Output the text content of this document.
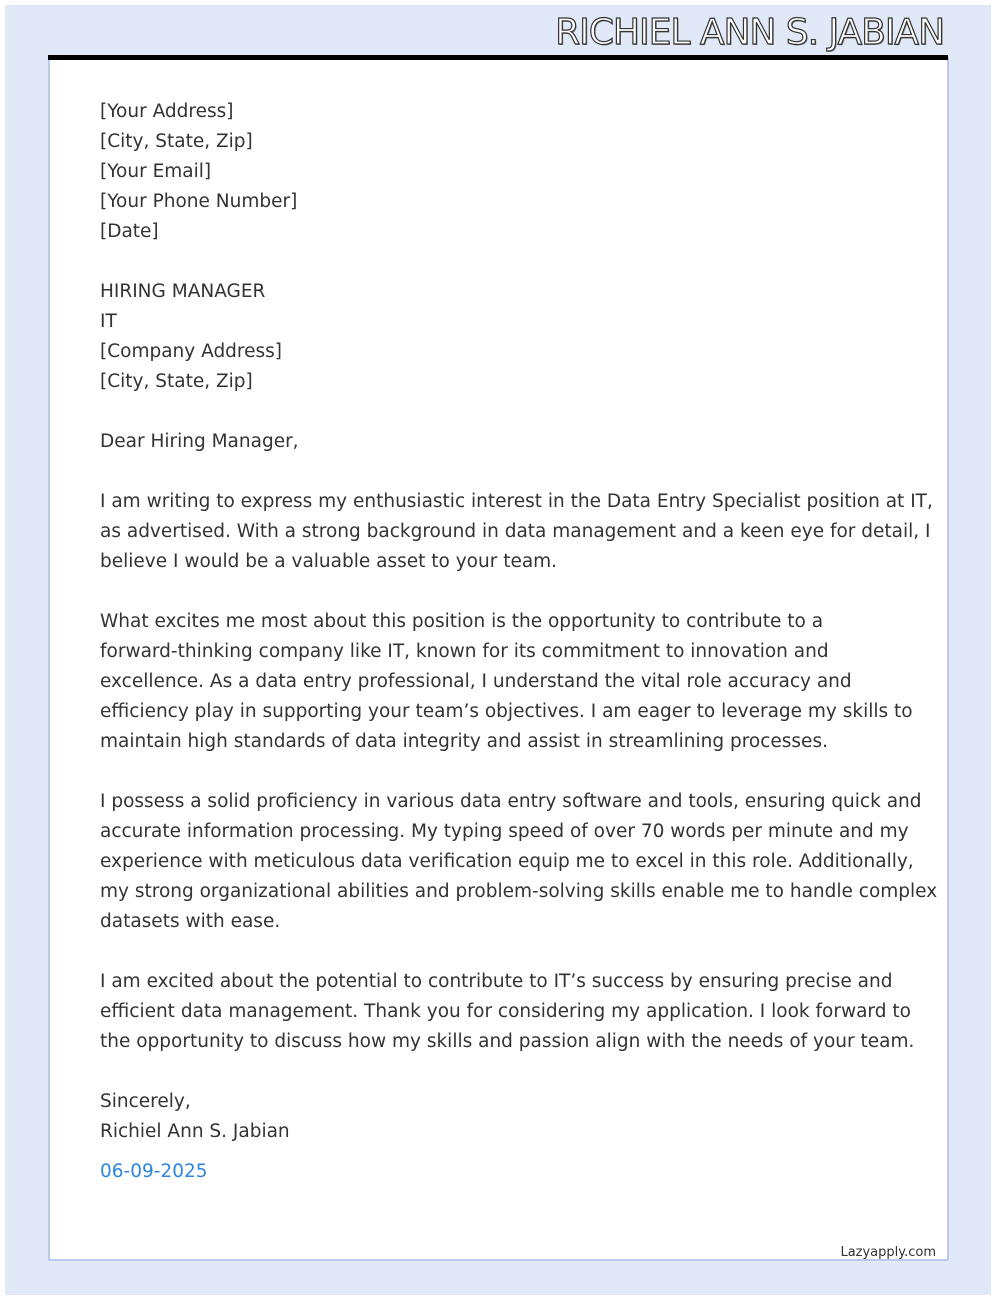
RICHIEL ANN S. JABIAN
[Your Address]
[City, State, Zip]
[Your Email]
[Your Phone Number]
[Date]
HIRING MANAGER
IT
[Company Address]
[City, State, Zip]
Dear Hiring Manager,
I am writing to express my enthusiastic interest in the Data Entry Specialist position at IT,
as advertised. With a strong background in data management and a keen eye for detail, I
believe I would be a valuable asset to your team.
What excites me most about this position is the opportunity to contribute to a
forward-thinking company like IT, known for its commitment to innovation and
excellence. As a data entry professional, I understand the vital role accuracy and
efficiency play in supporting your team’s objectives. I am eager to leverage my skills to
maintain high standards of data integrity and assist in streamlining processes.
I possess a solid proficiency in various data entry software and tools, ensuring quick and
accurate information processing. My typing speed of over 70 words per minute and my
experience with meticulous data verification equip me to excel in this role. Additionally,
my strong organizational abilities and problem-solving skills enable me to handle complex
datasets with ease.
I am excited about the potential to contribute to IT’s success by ensuring precise and
efficient data management. Thank you for considering my application. I look forward to
the opportunity to discuss how my skills and passion align with the needs of your team.
Sincerely,
Richiel Ann S. Jabian
06-09-2025
Lazyapply.com
